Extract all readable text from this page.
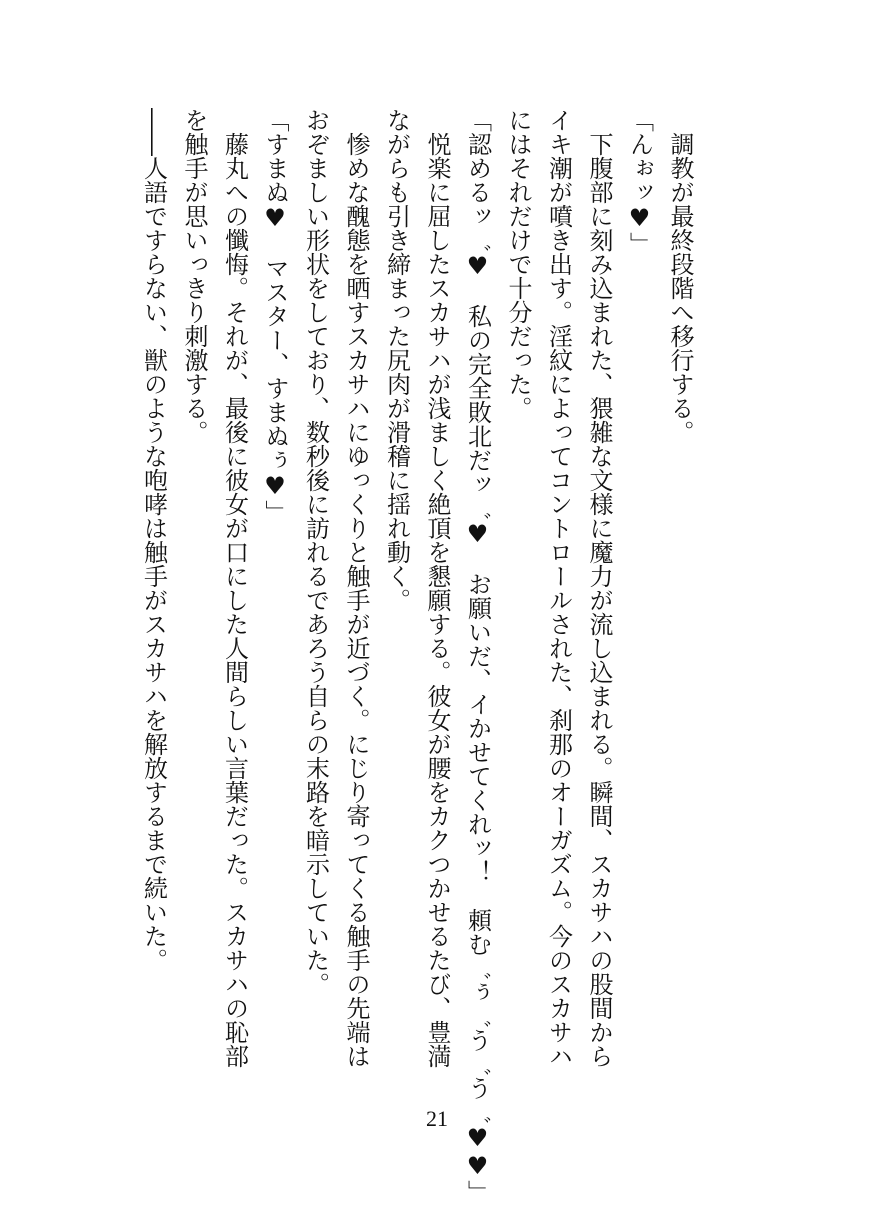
　調教が最終段階へ移行する。
「んぉッ♥」
　下腹部に刻み込まれた、猥雑な文様に魔力が流し込まれる。瞬間、スカサハの股間から
イキ潮が噴き出す。淫紋によってコントロールされた、刹那のオーガズム。今のスカサハ
にはそれだけで十分だった。
「認めるッ゛♥　私の完全敗北だッ゛♥　お願いだ、イかせてくれッ！　頼む゛ぅ゛う゛う゛♥♥」
　悦楽に屈したスカサハが浅ましく絶頂を懇願する。彼女が腰をカクつかせるたび、豊満
ながらも引き締まった尻肉が滑稽に揺れ動く。
　惨めな醜態を晒すスカサハにゆっくりと触手が近づく。にじり寄ってくる触手の先端は
おぞましい形状をしており、数秒後に訪れるであろう自らの末路を暗示していた。
「すまぬ♥　マスター、すまぬぅ♥」
　藤丸への懺悔。それが、最後に彼女が口にした人間らしい言葉だった。スカサハの恥部
を触手が思いっきり刺激する。
――人語ですらない、獣のような咆哮は触手がスカサハを解放するまで続いた。
21
